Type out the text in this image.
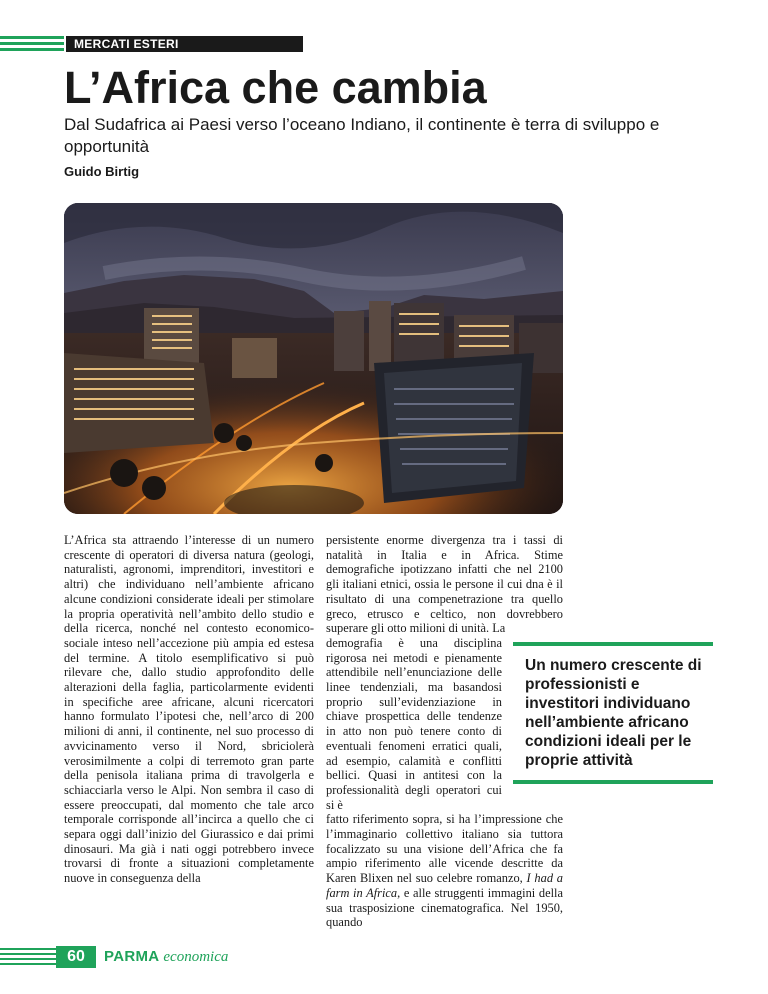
MERCATI ESTERI
L’Africa che cambia
Dal Sudafrica ai Paesi verso l’oceano Indiano, il continente è terra di sviluppo e opportunità
Guido Birtig

L’Africa sta attraendo l’interesse di un numero crescente di operatori di diversa natura (geologi, naturalisti, agronomi, imprenditori, investitori e altri) che individuano nell’ambiente africano alcune condizioni considerate ideali per stimolare la propria operatività nell’ambito dello studio e della ricerca, nonché nel contesto economico-sociale inteso nell’accezione più ampia ed estesa del termine. A titolo esemplificativo si può rilevare che, dallo studio approfondito delle alterazioni della faglia, particolarmente evidenti in specifiche aree africane, alcuni ricercatori hanno formulato l’ipotesi che, nell’arco di 200 milioni di anni, il continente, nel suo processo di avvicinamento verso il Nord, sbriciolerà verosimilmente a colpi di terremoto gran parte della penisola italiana prima di travolgerla e schiacciarla verso le Alpi. Non sembra il caso di essere preoccupati, dal momento che tale arco temporale corrisponde all’incirca a quello che ci separa oggi dall’inizio del Giurassico e dai primi dinosauri. Ma già i nati oggi potrebbero invece trovarsi di fronte a situazioni completamente nuove in conseguenza della

persistente enorme divergenza tra i tassi di natalità in Italia e in Africa. Stime demografiche ipotizzano infatti che nel 2100 gli italiani etnici, ossia le persone il cui dna è il risultato di una compenetrazione tra quello greco, etrusco e celtico, non dovrebbero superare gli otto milioni di unità. La

demografia è una disciplina rigorosa nei metodi e pienamente attendibile nell’enunciazione delle linee tendenziali, ma basandosi proprio sull’evidenziazione in chiave prospettica delle tendenze in atto non può tenere conto di eventuali fenomeni erratici quali, ad esempio, calamità e conflitti bellici. Quasi in antitesi con la professionalità degli operatori cui si è

fatto riferimento sopra, si ha l’impressione che l’immaginario collettivo italiano sia tuttora focalizzato su una visione dell’Africa che fa ampio riferimento alle vicende descritte da Karen Blixen nel suo celebre romanzo, I had a farm in Africa, e alle struggenti immagini della sua trasposizione cinematografica. Nel 1950, quando

Un numero crescente di professionisti e investitori individuano nell’ambiente africano condizioni ideali per le proprie attività

60	PARMA economica
